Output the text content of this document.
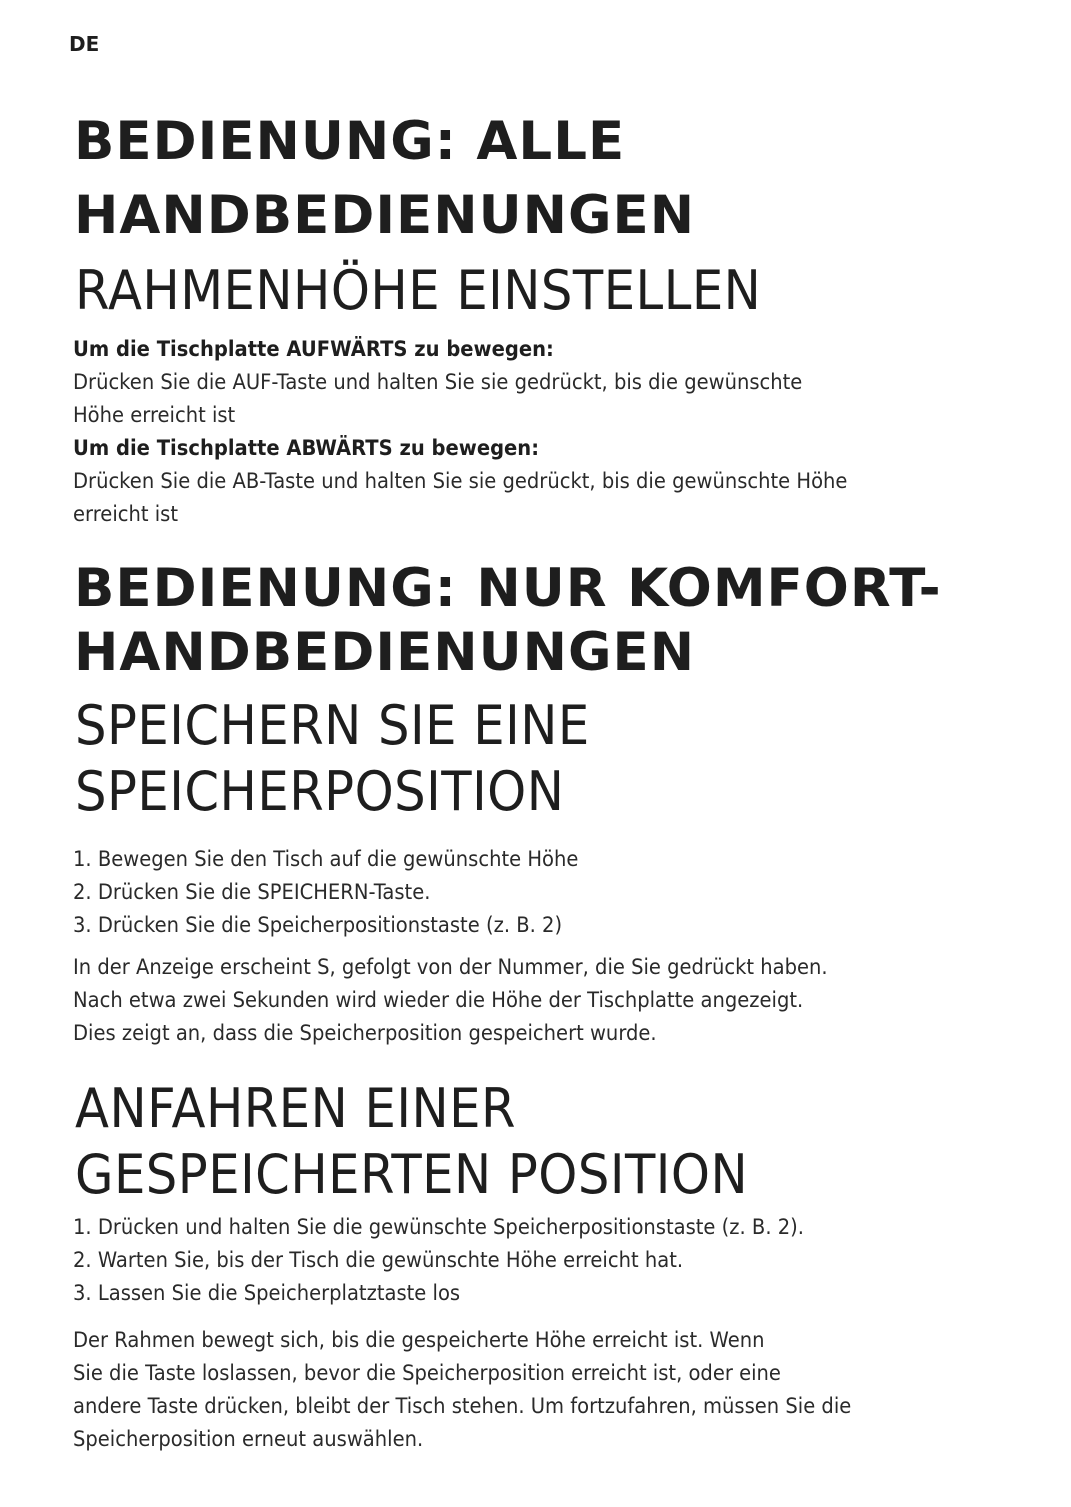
DE
BEDIENUNG: ALLE
HANDBEDIENUNGEN
RAHMENHÖHE EINSTELLEN

Um die Tischplatte AUFWÄRTS zu bewegen:

Drücken Sie die AUF-Taste und halten Sie sie gedrückt, bis die gewünschte

Höhe erreicht ist

Um die Tischplatte ABWÄRTS zu bewegen:

Drücken Sie die AB-Taste und halten Sie sie gedrückt, bis die gewünschte Höhe

erreicht ist

BEDIENUNG: NUR KOMFORT-
HANDBEDIENUNGEN
SPEICHERN SIE EINE
SPEICHERPOSITION

1. Bewegen Sie den Tisch auf die gewünschte Höhe

2. Drücken Sie die SPEICHERN-Taste.

3. Drücken Sie die Speicherpositionstaste (z. B. 2)

In der Anzeige erscheint S, gefolgt von der Nummer, die Sie gedrückt haben.

Nach etwa zwei Sekunden wird wieder die Höhe der Tischplatte angezeigt.

Dies zeigt an, dass die Speicherposition gespeichert wurde.

ANFAHREN EINER
GESPEICHERTEN POSITION

1. Drücken und halten Sie die gewünschte Speicherpositionstaste (z. B. 2).

2. Warten Sie, bis der Tisch die gewünschte Höhe erreicht hat.

3. Lassen Sie die Speicherplatztaste los

Der Rahmen bewegt sich, bis die gespeicherte Höhe erreicht ist. Wenn

Sie die Taste loslassen, bevor die Speicherposition erreicht ist, oder eine

andere Taste drücken, bleibt der Tisch stehen. Um fortzufahren, müssen Sie die

Speicherposition erneut auswählen.
